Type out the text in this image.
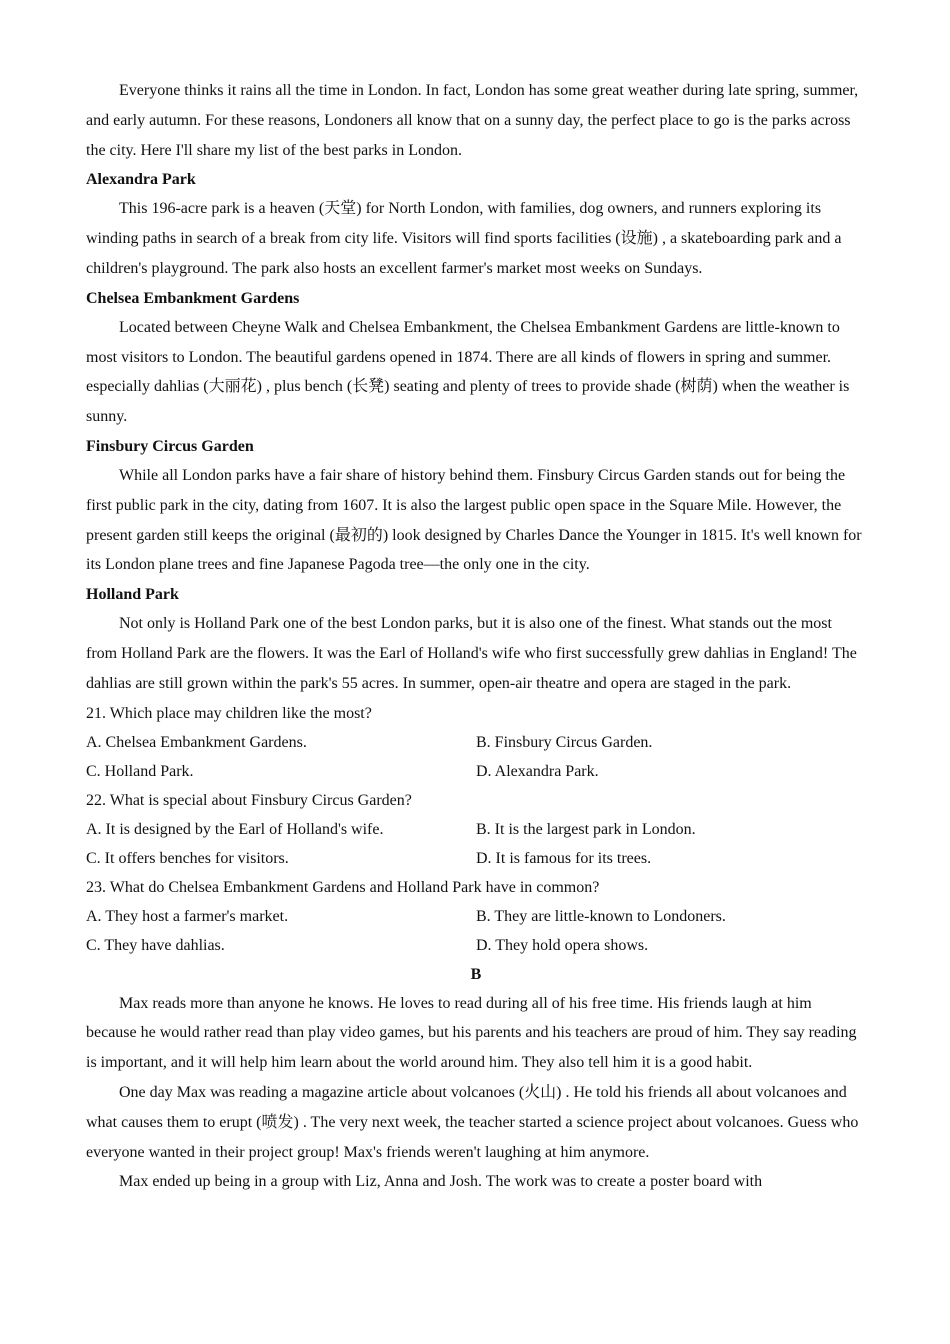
Everyone thinks it rains all the time in London. In fact, London has some great weather during late spring, summer, and early autumn. For these reasons, Londoners all know that on a sunny day, the perfect place to go is the parks across the city. Here I'll share my list of the best parks in London.

Alexandra Park

This 196-acre park is a heaven (天堂) for North London, with families, dog owners, and runners exploring its winding paths in search of a break from city life. Visitors will find sports facilities (设施) , a skateboarding park and a children's playground. The park also hosts an excellent farmer's market most weeks on Sundays.

Chelsea Embankment Gardens

Located between Cheyne Walk and Chelsea Embankment, the Chelsea Embankment Gardens are little-known to most visitors to London. The beautiful gardens opened in 1874. There are all kinds of flowers in spring and summer. especially dahlias (大丽花) , plus bench (长凳) seating and plenty of trees to provide shade (树荫) when the weather is sunny.

Finsbury Circus Garden

While all London parks have a fair share of history behind them. Finsbury Circus Garden stands out for being the first public park in the city, dating from 1607. It is also the largest public open space in the Square Mile. However, the present garden still keeps the original (最初的) look designed by Charles Dance the Younger in 1815. It's well known for its London plane trees and fine Japanese Pagoda tree—the only one in the city.

Holland Park

Not only is Holland Park one of the best London parks, but it is also one of the finest. What stands out the most from Holland Park are the flowers. It was the Earl of Holland's wife who first successfully grew dahlias in England! The dahlias are still grown within the park's 55 acres. In summer, open-air theatre and opera are staged in the park.

21. Which place may children like the most?
A. Chelsea Embankment Gardens.	B. Finsbury Circus Garden.
C. Holland Park.	D. Alexandra Park.
22. What is special about Finsbury Circus Garden?
A. It is designed by the Earl of Holland's wife.	B. It is the largest park in London.
C. It offers benches for visitors.	D. It is famous for its trees.
23. What do Chelsea Embankment Gardens and Holland Park have in common?
A. They host a farmer's market.	B. They are little-known to Londoners.
C. They have dahlias.	D. They hold opera shows.
B

Max reads more than anyone he knows. He loves to read during all of his free time. His friends laugh at him because he would rather read than play video games, but his parents and his teachers are proud of him. They say reading is important, and it will help him learn about the world around him. They also tell him it is a good habit.

One day Max was reading a magazine article about volcanoes (火山) . He told his friends all about volcanoes and what causes them to erupt (喷发) . The very next week, the teacher started a science project about volcanoes. Guess who everyone wanted in their project group! Max's friends weren't laughing at him anymore.

Max ended up being in a group with Liz, Anna and Josh. The work was to create a poster board with
